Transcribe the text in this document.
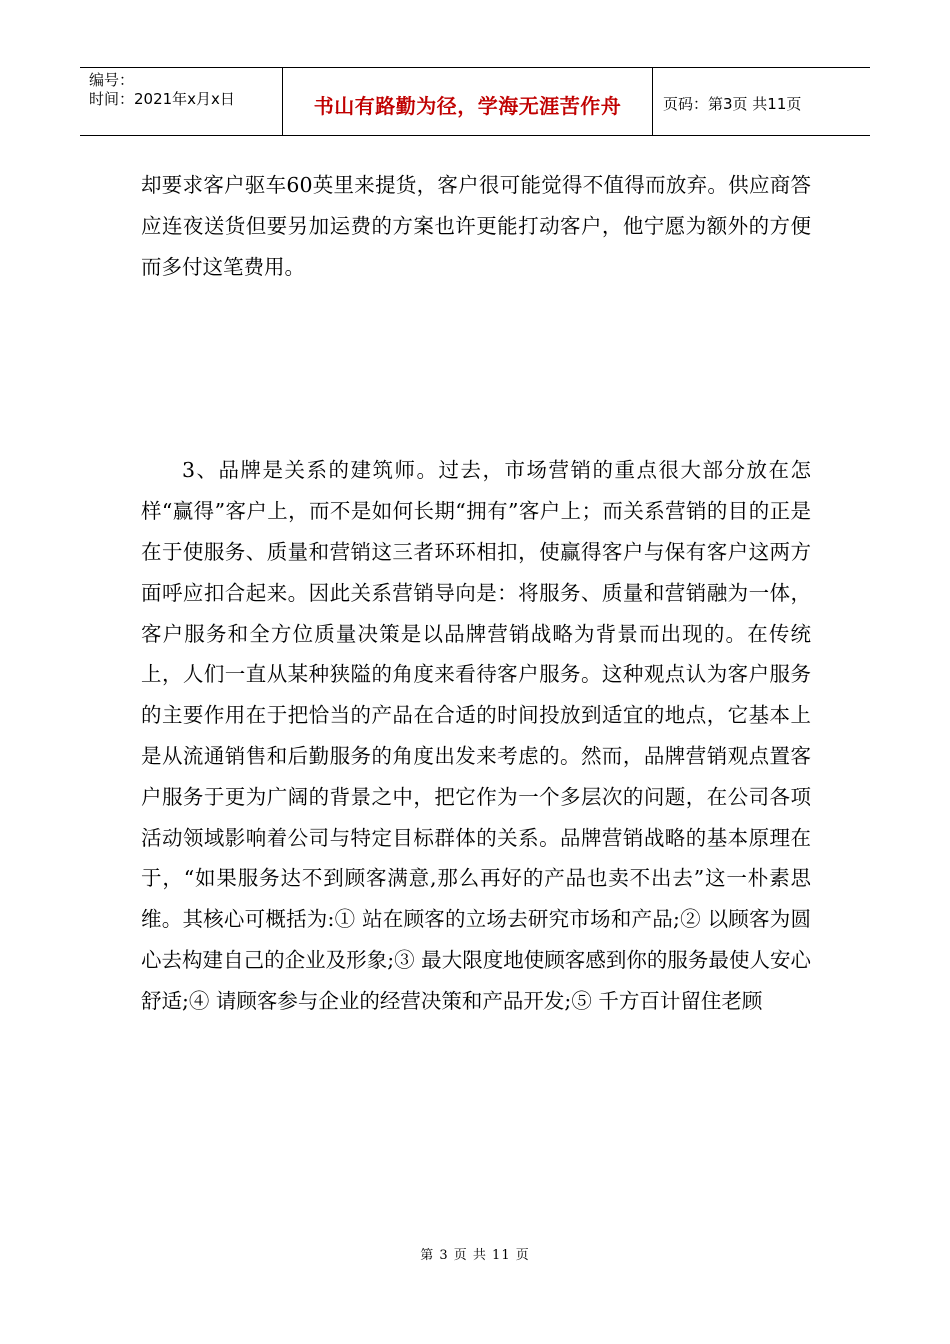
编号：
时间：2021年x月x日	书山有路勤为径，学海无涯苦作舟	页码：第3页 共11页

却要求客户驱车60英里来提货，客户很可能觉得不值得而放弃。供应商答应连夜送货但要另加运费的方案也许更能打动客户，他宁愿为额外的方便而多付这笔费用。

3、品牌是关系的建筑师。过去，市场营销的重点很大部分放在怎样“赢得”客户上，而不是如何长期“拥有”客户上；而关系营销的目的正是在于使服务、质量和营销这三者环环相扣，使赢得客户与保有客户这两方面呼应扣合起来。因此关系营销导向是：将服务、质量和营销融为一体，客户服务和全方位质量决策是以品牌营销战略为背景而出现的。在传统上，人们一直从某种狭隘的角度来看待客户服务。这种观点认为客户服务的主要作用在于把恰当的产品在合适的时间投放到适宜的地点，它基本上是从流通销售和后勤服务的角度出发来考虑的。然而，品牌营销观点置客户服务于更为广阔的背景之中，把它作为一个多层次的问题，在公司各项活动领域影响着公司与特定目标群体的关系。品牌营销战略的基本原理在于，“如果服务达不到顾客满意,那么再好的产品也卖不出去”这一朴素思维。其核心可概括为:① 站在顾客的立场去研究市场和产品;② 以顾客为圆心去构建自己的企业及形象;③ 最大限度地使顾客感到你的服务最使人安心舒适;④ 请顾客参与企业的经营决策和产品开发;⑤ 千方百计留住老顾

第 3 页 共 11 页
